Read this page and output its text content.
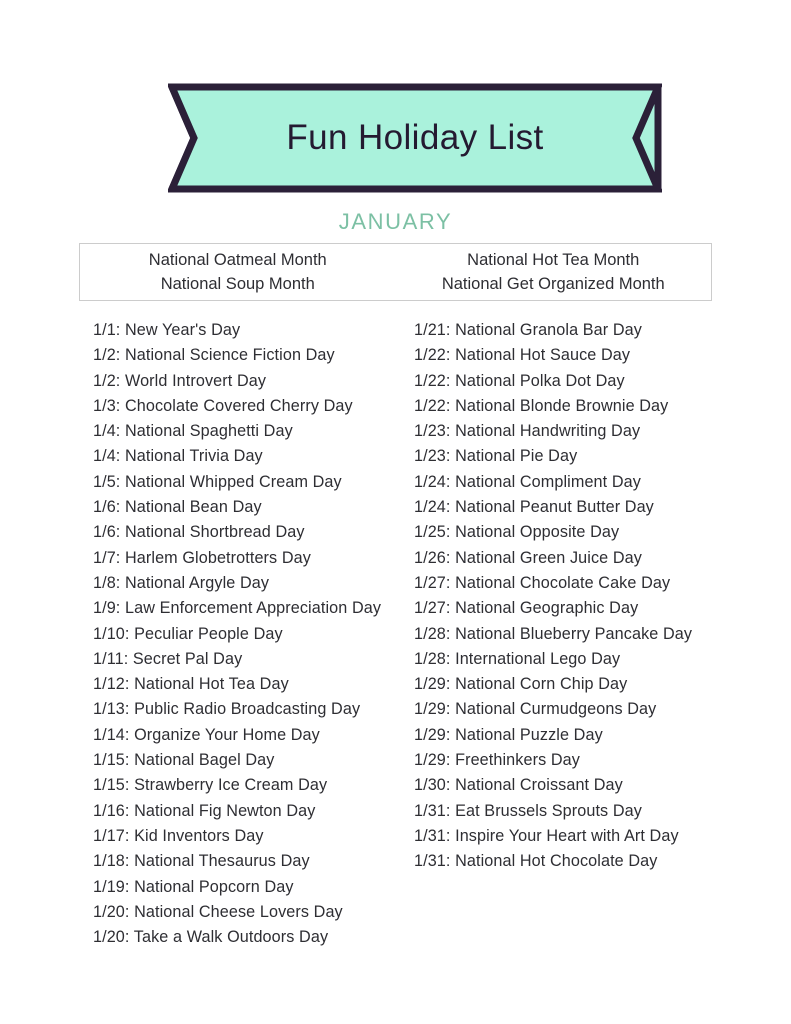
Fun Holiday List
JANUARY
National Oatmeal Month
National Soup Month
National Hot Tea Month
National Get Organized Month
1/1: New Year's Day
1/2: National Science Fiction Day
1/2: World Introvert Day
1/3: Chocolate Covered Cherry Day
1/4: National Spaghetti Day
1/4: National Trivia Day
1/5: National Whipped Cream Day
1/6: National Bean Day
1/6: National Shortbread Day
1/7: Harlem Globetrotters Day
1/8: National Argyle Day
1/9: Law Enforcement Appreciation Day
1/10: Peculiar People Day
1/11: Secret Pal Day
1/12: National Hot Tea Day
1/13: Public Radio Broadcasting Day
1/14: Organize Your Home Day
1/15: National Bagel Day
1/15: Strawberry Ice Cream Day
1/16: National Fig Newton Day
1/17: Kid Inventors Day
1/18: National Thesaurus Day
1/19: National Popcorn Day
1/20: National Cheese Lovers Day
1/20: Take a Walk Outdoors Day
1/21: National Granola Bar Day
1/22: National Hot Sauce Day
1/22: National Polka Dot Day
1/22: National Blonde Brownie Day
1/23: National Handwriting Day
1/23: National Pie Day
1/24: National Compliment Day
1/24: National Peanut Butter Day
1/25: National Opposite Day
1/26: National Green Juice Day
1/27: National Chocolate Cake Day
1/27: National Geographic Day
1/28: National Blueberry Pancake Day
1/28: International Lego Day
1/29: National Corn Chip Day
1/29: National Curmudgeons Day
1/29: National Puzzle Day
1/29: Freethinkers Day
1/30: National Croissant Day
1/31: Eat Brussels Sprouts Day
1/31: Inspire Your Heart with Art Day
1/31: National Hot Chocolate Day
